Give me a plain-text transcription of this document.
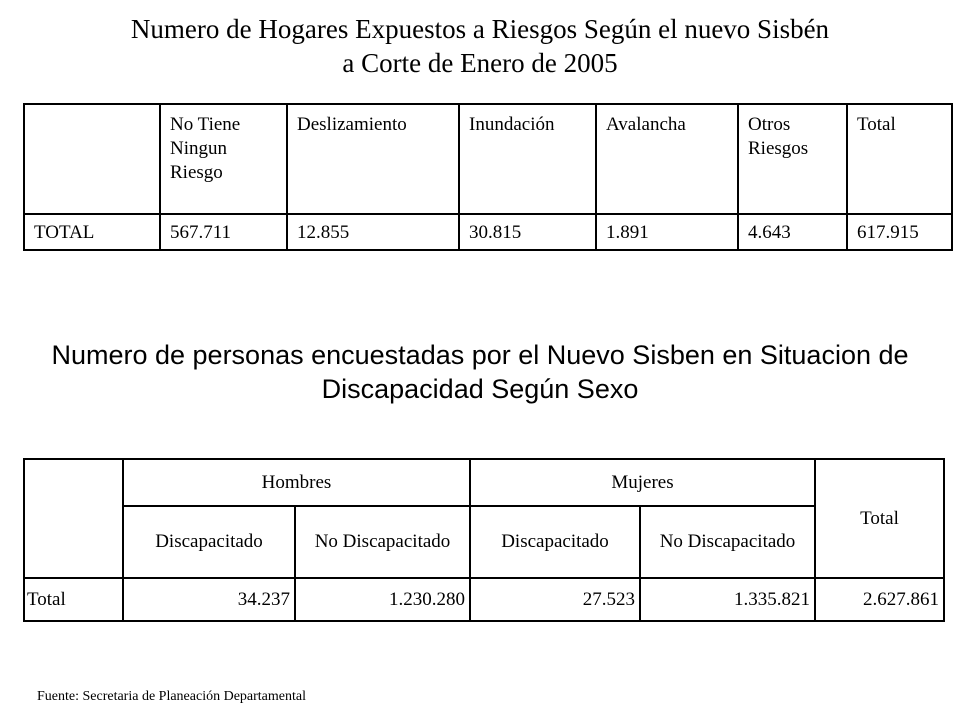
Numero de Hogares Expuestos a Riesgos Según el nuevo Sisbén
a Corte de Enero de 2005
	No Tiene Ningun Riesgo	Deslizamiento	Inundación	Avalancha	Otros Riesgos	Total
TOTAL	567.711	12.855	30.815	1.891	4.643	617.915
Numero de personas encuestadas por el Nuevo Sisben en Situacion de
Discapacidad Según Sexo
	Hombres		Mujeres		Total
	Discapacitado	No Discapacitado	Discapacitado	No Discapacitado	
Total	34.237	1.230.280	27.523	1.335.821	2.627.861
Fuente: Secretaria de Planeación Departamental
